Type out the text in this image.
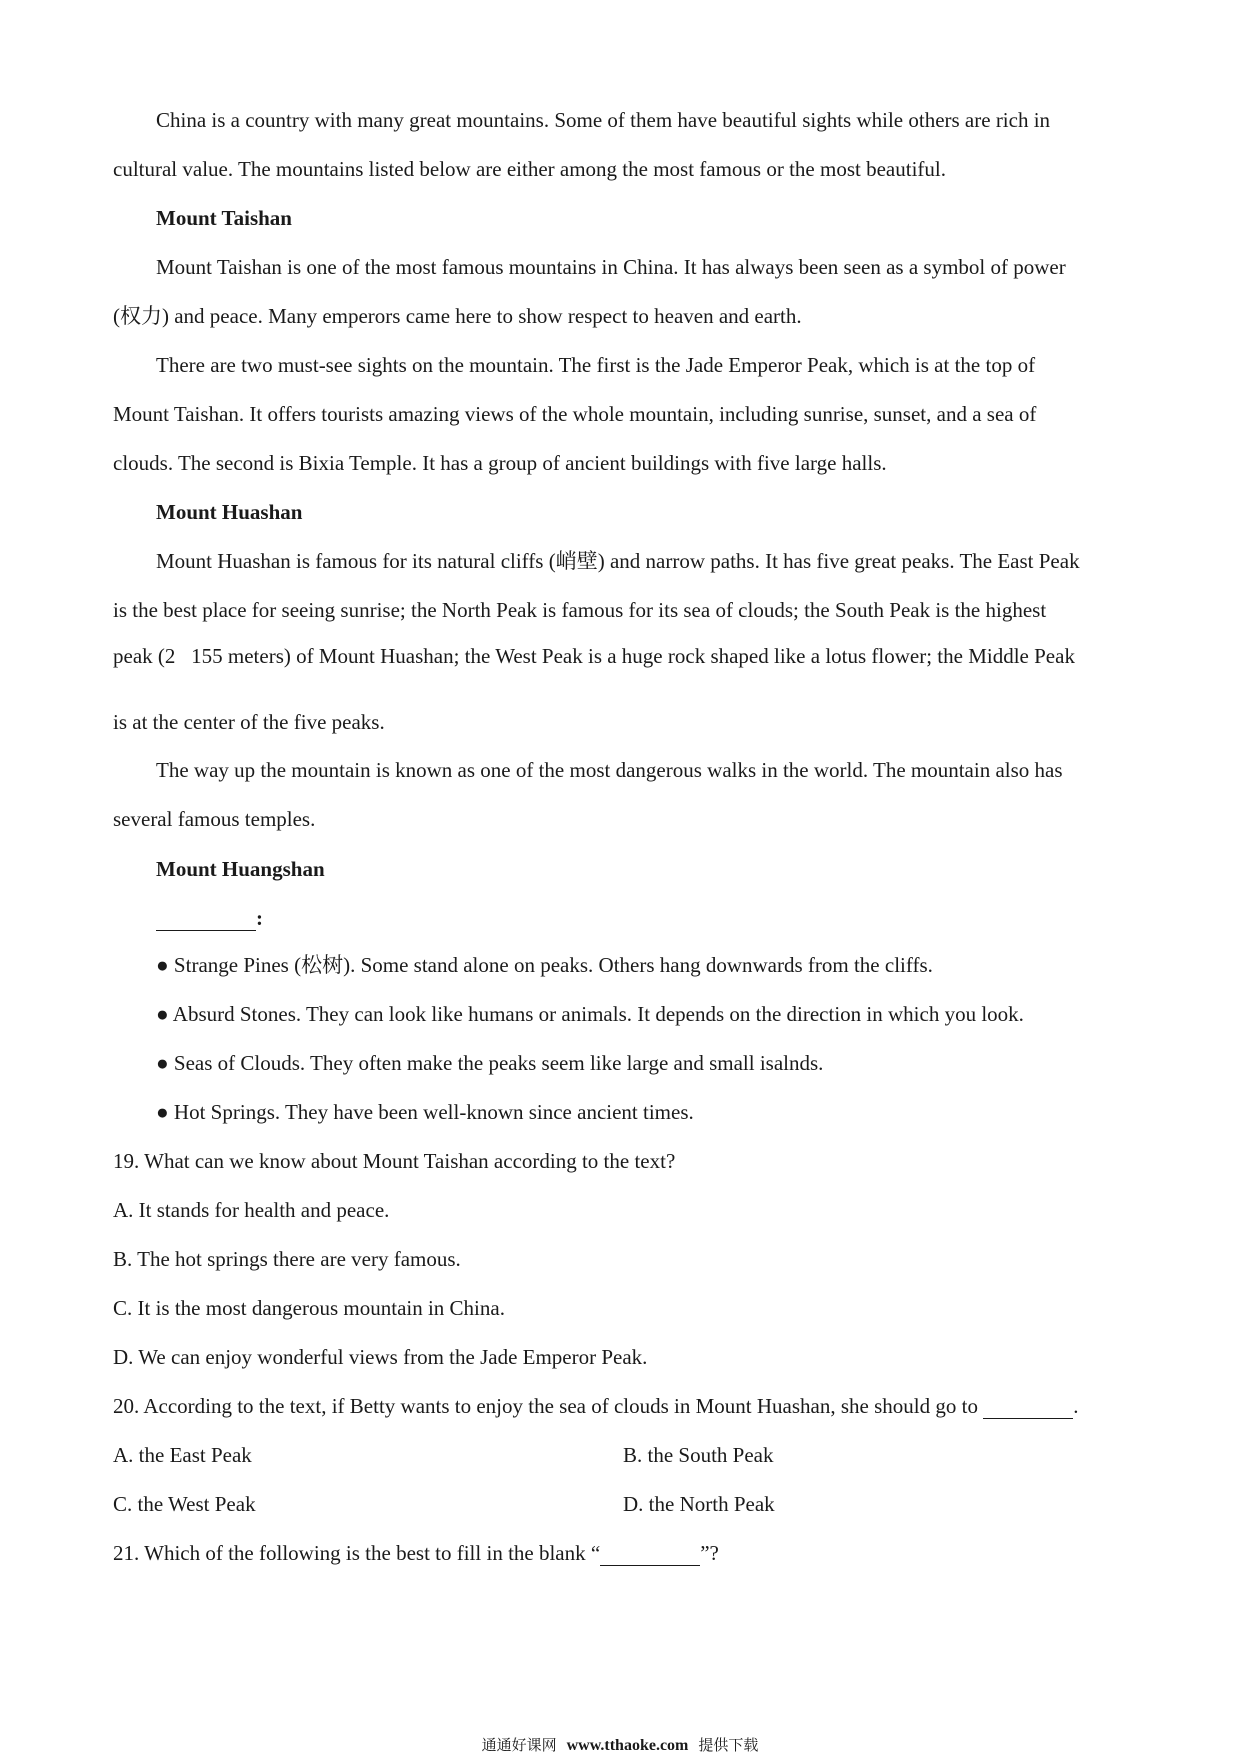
China is a country with many great mountains. Some of them have beautiful sights while others are rich in
cultural value. The mountains listed below are either among the most famous or the most beautiful.
Mount Taishan
Mount Taishan is one of the most famous mountains in China. It has always been seen as a symbol of power
(权力) and peace. Many emperors came here to show respect to heaven and earth.
There are two must-see sights on the mountain. The first is the Jade Emperor Peak, which is at the top of
Mount Taishan. It offers tourists amazing views of the whole mountain, including sunrise, sunset, and a sea of
clouds. The second is Bixia Temple. It has a group of ancient buildings with five large halls.
Mount Huashan
Mount Huashan is famous for its natural cliffs (峭壁) and narrow paths. It has five great peaks. The East Peak
is the best place for seeing sunrise; the North Peak is famous for its sea of clouds; the South Peak is the highest
peak (2   155 meters) of Mount Huashan; the West Peak is a huge rock shaped like a lotus flower; the Middle Peak
is at the center of the five peaks.
The way up the mountain is known as one of the most dangerous walks in the world. The mountain also has
several famous temples.
Mount Huangshan
:
● Strange Pines (松树). Some stand alone on peaks. Others hang downwards from the cliffs.
● Absurd Stones. They can look like humans or animals. It depends on the direction in which you look.
● Seas of Clouds. They often make the peaks seem like large and small isalnds.
● Hot Springs. They have been well-known since ancient times.
19. What can we know about Mount Taishan according to the text?
A. It stands for health and peace.
B. The hot springs there are very famous.
C. It is the most dangerous mountain in China.
D. We can enjoy wonderful views from the Jade Emperor Peak.
20. According to the text, if Betty wants to enjoy the sea of clouds in Mount Huashan, she should go to	.
A. the East Peak	B. the South Peak
C. the West Peak	D. the North Peak
21. Which of the following is the best to fill in the blank “	”?
通通好课网 www.tthaoke.com 提供下载
